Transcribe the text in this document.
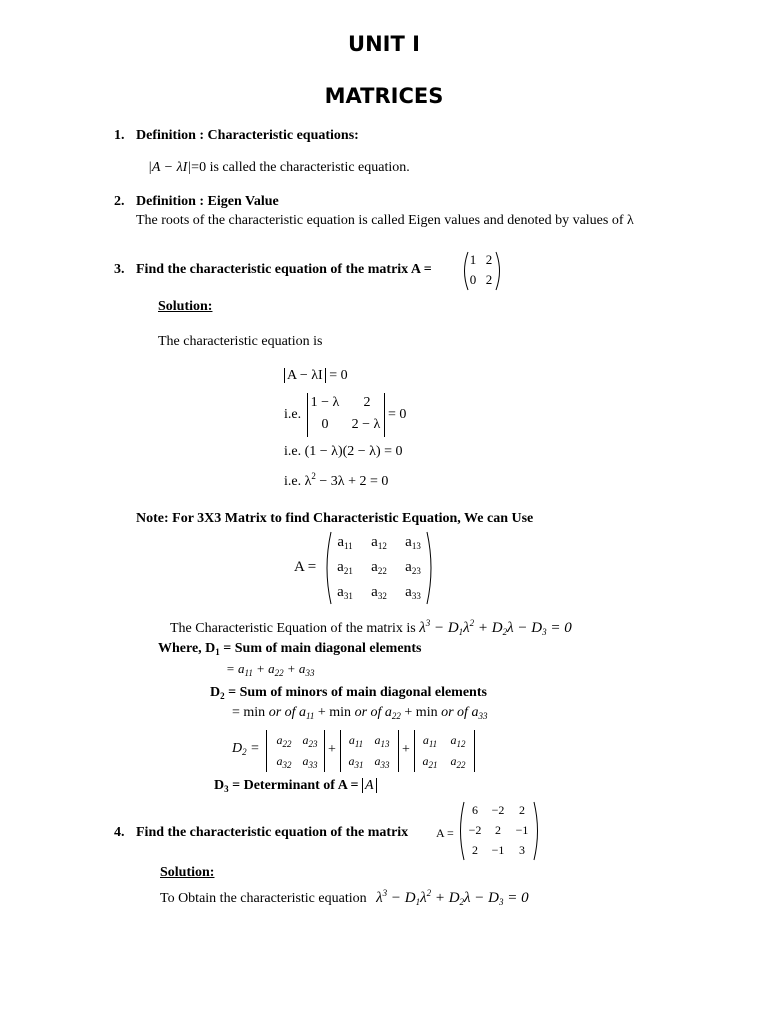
UNIT I
MATRICES
1. Definition : Characteristic equations:
|A − λI|=0 is called the characteristic equation.
2. Definition : Eigen Value
The roots of the characteristic equation is called Eigen values and denoted by values of λ
3. Find the characteristic equation of the matrix A =
1 2
0 2
Solution:
The characteristic equation is
A − λI = 0
i.e.
1 − λ	2
0	2 − λ
= 0
i.e. (1 − λ)(2 − λ) = 0
i.e. $\lambda^2 - 3\lambda + 2 = 0$
Note: For 3X3 Matrix to find Characteristic Equation, We can Use
A =
$a_{11}$	$a_{12}$	$a_{13}$
$a_{21}$	$a_{22}$	$a_{23}$
$a_{31}$	$a_{32}$	$a_{33}$
The Characteristic Equation of the matrix is $\lambda^3 - D_1\lambda^2 + D_2\lambda - D_3 = 0$
Where, $D_1$ = Sum of main diagonal elements
= $a_{11} + a_{22} + a_{33}$
$D_2$ = Sum of minors of main diagonal elements
= min or of $a_{11} + \min$ or of $a_{22} + \min$ or of $a_{33}$
$D_2$ =
$a_{22}$ $a_{23}$
$a_{32}$ $a_{33}$
+
$a_{11}$ $a_{13}$
$a_{31}$ $a_{33}$
+
$a_{11}$	$a_{12}$
$a_{21}$	$a_{22}$
$D_3$ = Determinant of A = A
4. Find the characteristic equation of the matrix A =
6	−2	2
−2	2	−1
2	−1	3
Solution:
To Obtain the characteristic equation $\lambda^3 - D_1\lambda^2 + D_2\lambda - D_3 = 0$
